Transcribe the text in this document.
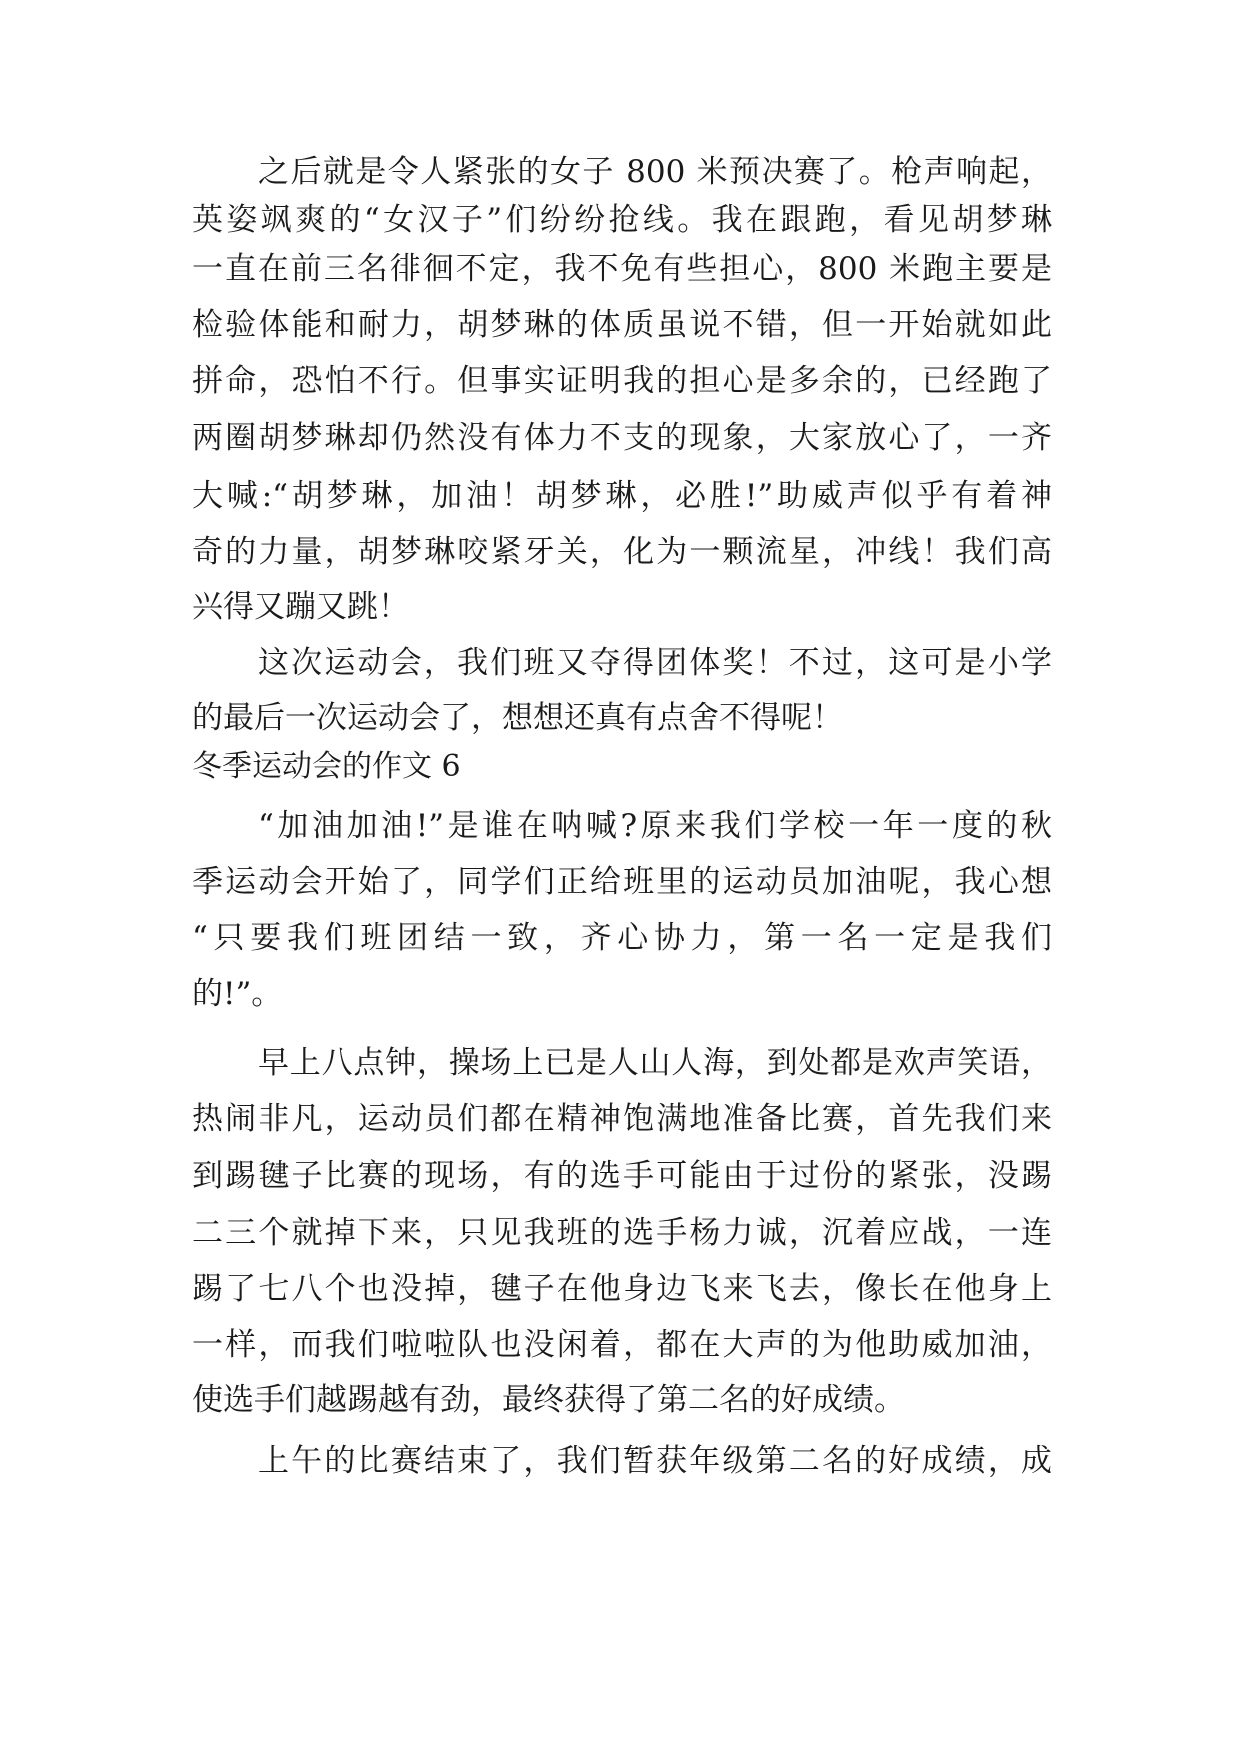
之后就是令人紧张的女子 800 米预决赛了。枪声响起，
英姿飒爽的“女汉子”们纷纷抢线。我在跟跑，看见胡梦琳
一直在前三名徘徊不定，我不免有些担心，800 米跑主要是
检验体能和耐力，胡梦琳的体质虽说不错，但一开始就如此
拼命，恐怕不行。但事实证明我的担心是多余的，已经跑了
两圈胡梦琳却仍然没有体力不支的现象，大家放心了，一齐
大喊:“胡梦琳，加油！胡梦琳，必胜!”助威声似乎有着神
奇的力量，胡梦琳咬紧牙关，化为一颗流星，冲线！我们高
兴得又蹦又跳！
这次运动会，我们班又夺得团体奖！不过，这可是小学
的最后一次运动会了，想想还真有点舍不得呢！
冬季运动会的作文 6
“加油加油!”是谁在呐喊?原来我们学校一年一度的秋
季运动会开始了，同学们正给班里的运动员加油呢，我心想
“只要我们班团结一致，齐心协力，第一名一定是我们
的!”。
早上八点钟，操场上已是人山人海，到处都是欢声笑语，
热闹非凡，运动员们都在精神饱满地准备比赛，首先我们来
到踢毽子比赛的现场，有的选手可能由于过份的紧张，没踢
二三个就掉下来，只见我班的选手杨力诚，沉着应战，一连
踢了七八个也没掉，毽子在他身边飞来飞去，像长在他身上
一样，而我们啦啦队也没闲着，都在大声的为他助威加油，
使选手们越踢越有劲，最终获得了第二名的好成绩。
上午的比赛结束了，我们暂获年级第二名的好成绩，成
